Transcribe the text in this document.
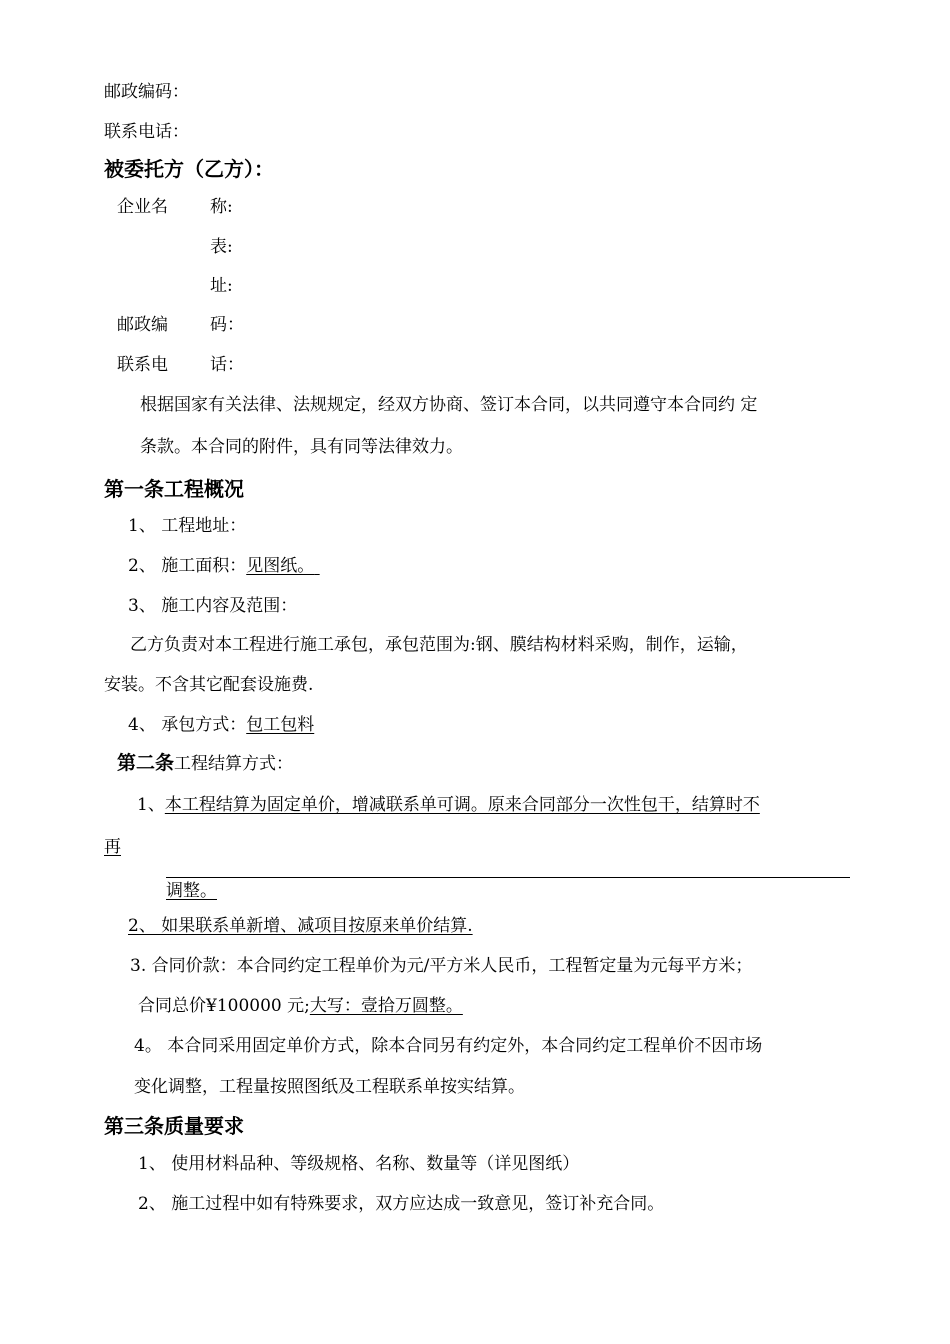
邮政编码：
联系电话：
被委托方（乙方）：
企业名 称:
表:
址:
邮政编 码：
联系电 话：
根据国家有关法律、法规规定，经双方协商、签订本合同，以共同遵守本合同约 定
条款。本合同的附件，具有同等法律效力。
第一条工程概况
1、 工程地址：
2、 施工面积：见图纸。
3、 施工内容及范围：
乙方负责对本工程进行施工承包，承包范围为:钢、膜结构材料采购，制作，运输，
安装。不含其它配套设施费.
4、 承包方式：包工包料
第二条工程结算方式：
1、本工程结算为固定单价，增减联系单可调。原来合同部分一次性包干，结算时不
再
调整。
2、 如果联系单新增、减项目按原来单价结算.
3. 合同价款：本合同约定工程单价为元/平方米人民币，工程暂定量为元每平方米；
合同总价¥100000 元;大写：壹拾万圆整。
4。 本合同采用固定单价方式，除本合同另有约定外，本合同约定工程单价不因市场
变化调整，工程量按照图纸及工程联系单按实结算。
第三条质量要求
1、 使用材料品种、等级规格、名称、数量等（详见图纸）
2、 施工过程中如有特殊要求，双方应达成一致意见，签订补充合同。
